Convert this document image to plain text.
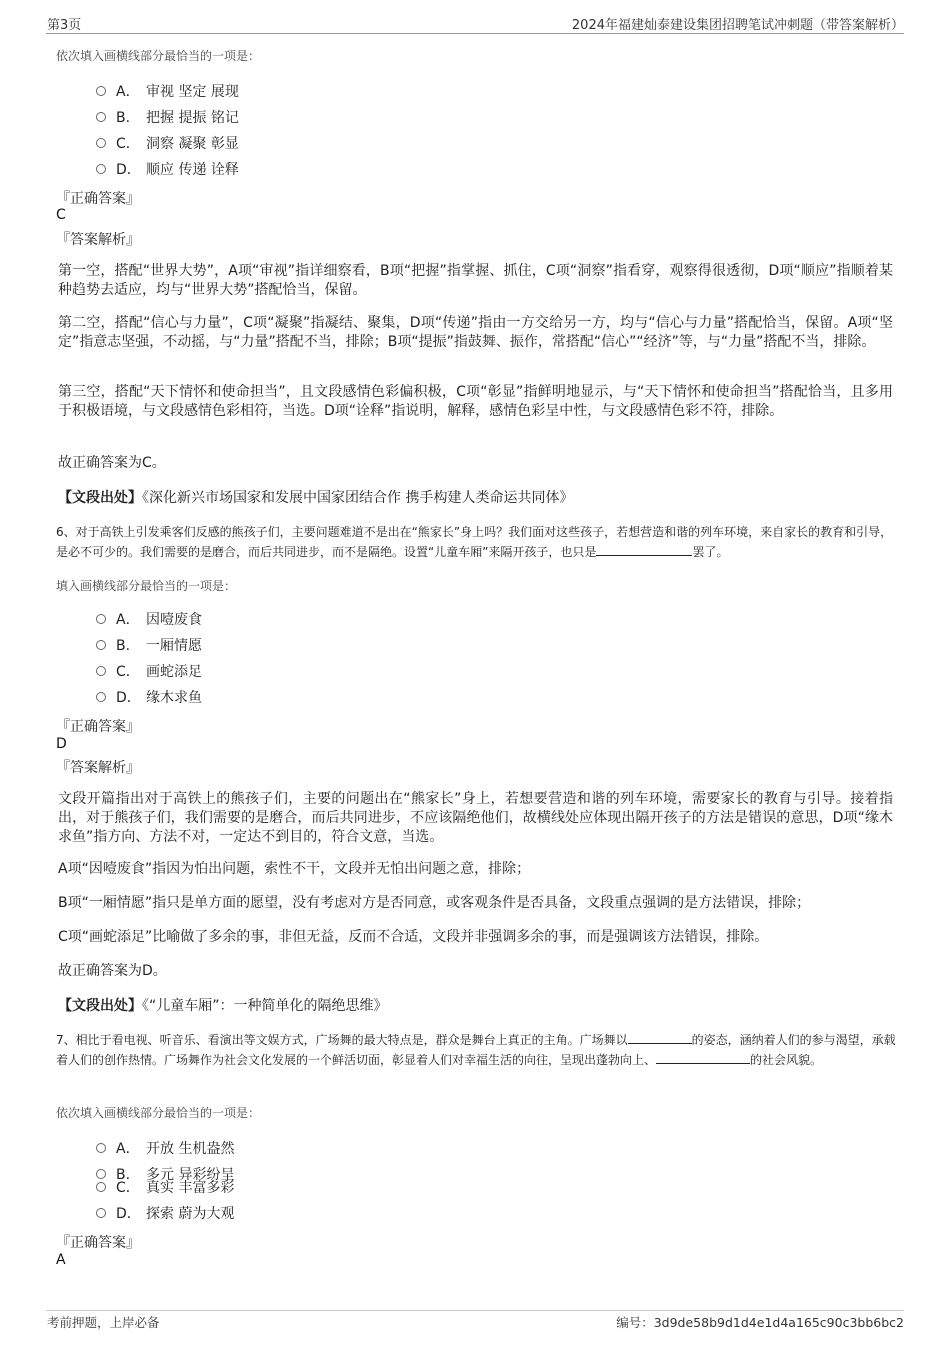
第3页	2024年福建灿泰建设集团招聘笔试冲刺题（带答案解析）
依次填入画横线部分最恰当的一项是：
A． 审视 坚定 展现
B． 把握 提振 铭记
C． 洞察 凝聚 彰显
D． 顺应 传递 诠释
『正确答案』
C
『答案解析』
第一空，搭配“世界大势”，A项“审视”指详细察看，B项“把握”指掌握、抓住，C项“洞察”指看穿，观察得很透彻，D项“顺应”指顺着某种趋势去适应，均与“世界大势”搭配恰当，保留。
第二空，搭配“信心与力量”，C项“凝聚”指凝结、聚集，D项“传递”指由一方交给另一方，均与“信心与力量”搭配恰当，保留。A项“坚定”指意志坚强，不动摇，与“力量”搭配不当，排除；B项“提振”指鼓舞、振作，常搭配“信心”“经济”等，与“力量”搭配不当，排除。
第三空，搭配“天下情怀和使命担当”，且文段感情色彩偏积极，C项“彰显”指鲜明地显示，与“天下情怀和使命担当”搭配恰当，且多用于积极语境，与文段感情色彩相符，当选。D项“诠释”指说明，解释，感情色彩呈中性，与文段感情色彩不符，排除。
故正确答案为C。
【文段出处】《深化新兴市场国家和发展中国家团结合作 携手构建人类命运共同体》
6、对于高铁上引发乘客们反感的熊孩子们，主要问题难道不是出在“熊家长”身上吗？我们面对这些孩子，若想营造和谐的列车环境，来自家长的教育和引导，是必不可少的。我们需要的是磨合，而后共同进步，而不是隔绝。设置“儿童车厢”来隔开孩子，也只是	罢了。
填入画横线部分最恰当的一项是：
A． 因噎废食
B． 一厢情愿
C． 画蛇添足
D． 缘木求鱼
『正确答案』
D
『答案解析』
文段开篇指出对于高铁上的熊孩子们，主要的问题出在“熊家长”身上，若想要营造和谐的列车环境，需要家长的教育与引导。接着指出，对于熊孩子们，我们需要的是磨合，而后共同进步，不应该隔绝他们，故横线处应体现出隔开孩子的方法是错误的意思，D项“缘木求鱼”指方向、方法不对，一定达不到目的，符合文意，当选。
A项“因噎废食”指因为怕出问题，索性不干，文段并无怕出问题之意，排除；
B项“一厢情愿”指只是单方面的愿望，没有考虑对方是否同意，或客观条件是否具备，文段重点强调的是方法错误，排除；
C项“画蛇添足”比喻做了多余的事，非但无益，反而不合适，文段并非强调多余的事，而是强调该方法错误，排除。
故正确答案为D。
【文段出处】《“儿童车厢”：一种简单化的隔绝思维》
7、相比于看电视、听音乐、看演出等文娱方式，广场舞的最大特点是，群众是舞台上真正的主角。广场舞以	的姿态，涵纳着人们的参与渴望，承载着人们的创作热情。广场舞作为社会文化发展的一个鲜活切面，彰显着人们对幸福生活的向往，呈现出蓬勃向上、	的社会风貌。
依次填入画横线部分最恰当的一项是：
A． 开放 生机盎然
B． 多元 异彩纷呈
C． 真实 丰富多彩
D． 探索 蔚为大观
『正确答案』
A
考前押题，上岸必备	编号：3d9de58b9d1d4e1d4a165c90c3bb6bc2
